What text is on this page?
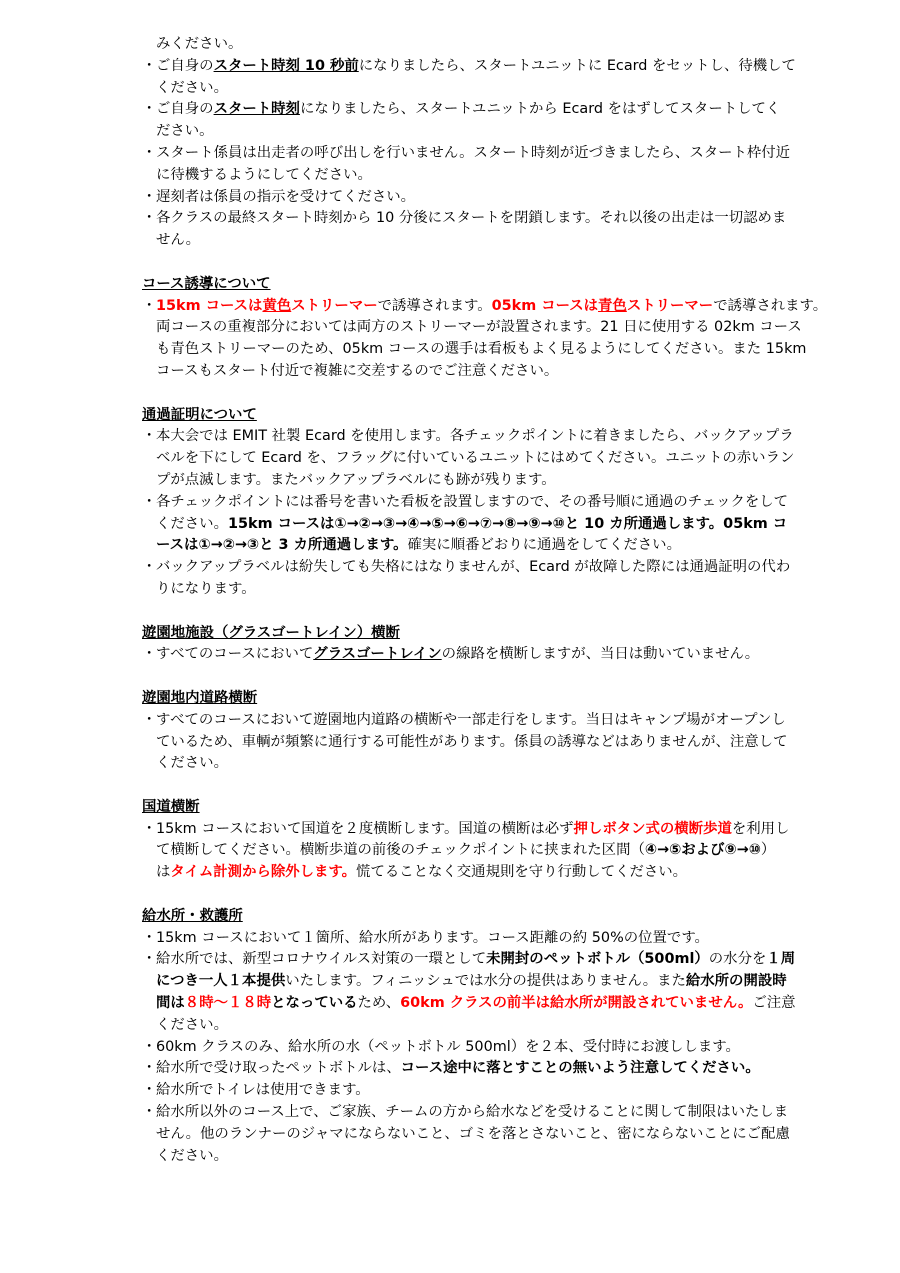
みください。
・ ご自身のスタート時刻 10 秒前になりましたら、スタートユニットに Ecard をセットし、待機して
ください。
・ ご自身のスタート時刻になりましたら、スタートユニットから Ecard をはずしてスタートしてく
ださい。
・ スタート係員は出走者の呼び出しを行いません。スタート時刻が近づきましたら、スタート枠付近
に待機するようにしてください。
・ 遅刻者は係員の指示を受けてください。
・ 各クラスの最終スタート時刻から 10 分後にスタートを閉鎖します。それ以後の出走は一切認めま
せん。
コース誘導について
・ 15km コースは黄色ストリーマーで誘導されます。05km コースは青色ストリーマーで誘導されます。
両コースの重複部分においては両方のストリーマーが設置されます。21 日に使用する 02km コース
も青色ストリーマーのため、05km コースの選手は看板もよく見るようにしてください。また 15km
コースもスタート付近で複雑に交差するのでご注意ください。
通過証明について
・ 本大会では EMIT 社製 Ecard を使用します。各チェックポイントに着きましたら、バックアップラ
ベルを下にして Ecard を、フラッグに付いているユニットにはめてください。ユニットの赤いラン
プが点滅します。またバックアップラベルにも跡が残ります。
・ 各チェックポイントには番号を書いた看板を設置しますので、その番号順に通過のチェックをして
ください。15km コースは①→②→③→④→⑤→⑥→⑦→⑧→⑨→⑩と 10 カ所通過します。05km コ
ースは①→②→③と 3 カ所通過します。確実に順番どおりに通過をしてください。
・ バックアップラベルは紛失しても失格にはなりませんが、Ecard が故障した際には通過証明の代わ
りになります。
遊園地施設（グラスゴートレイン）横断
・ すべてのコースにおいてグラスゴートレインの線路を横断しますが、当日は動いていません。
遊園地内道路横断
・ すべてのコースにおいて遊園地内道路の横断や一部走行をします。当日はキャンプ場がオープンし
ているため、車輌が頻繁に通行する可能性があります。係員の誘導などはありませんが、注意して
ください。
国道横断
・ 15km コースにおいて国道を２度横断します。国道の横断は必ず押しボタン式の横断歩道を利用し
て横断してください。横断歩道の前後のチェックポイントに挟まれた区間（④→⑤および⑨→⑩）
はタイム計測から除外します。慌てることなく交通規則を守り行動してください。
給水所・救護所
・ 15km コースにおいて１箇所、給水所があります。コース距離の約 50%の位置です。
・ 給水所では、新型コロナウイルス対策の一環として未開封のペットボトル（500ml）の水分を１周
につき一人１本提供いたします。フィニッシュでは水分の提供はありません。また給水所の開設時
間は８時～１８時となっているため、60km クラスの前半は給水所が開設されていません。ご注意
ください。
・ 60km クラスのみ、給水所の水（ペットボトル 500ml）を２本、受付時にお渡しします。
・ 給水所で受け取ったペットボトルは、コース途中に落とすことの無いよう注意してください。
・ 給水所でトイレは使用できます。
・ 給水所以外のコース上で、ご家族、チームの方から給水などを受けることに関して制限はいたしま
せん。他のランナーのジャマにならないこと、ゴミを落とさないこと、密にならないことにご配慮
ください。
